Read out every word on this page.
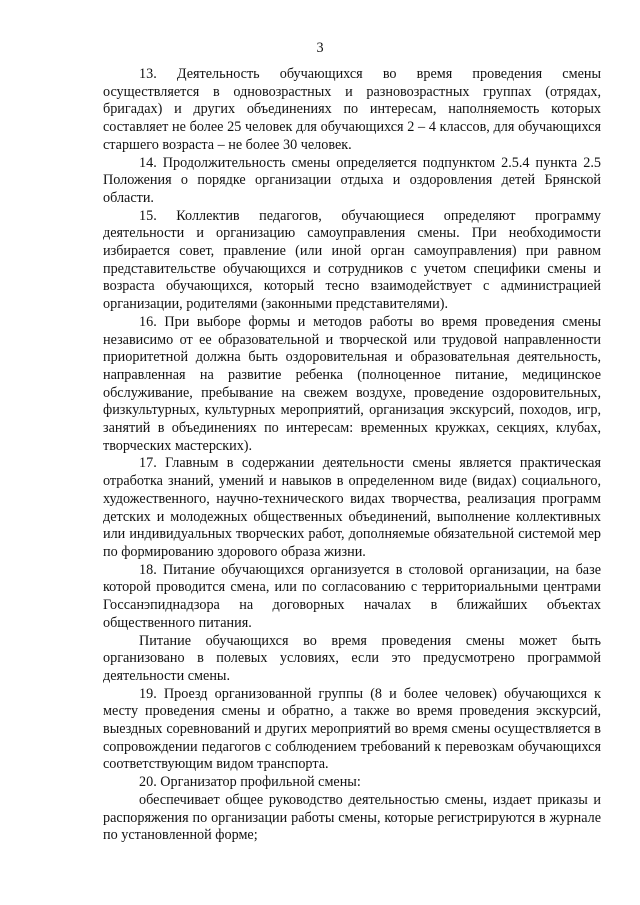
3

13. Деятельность обучающихся во время проведения смены осуществляется в одновозрастных и разновозрастных группах (отрядах, бригадах) и других объединениях по интересам, наполняемость которых составляет не более 25 человек для обучающихся 2 – 4 классов, для обучающихся старшего возраста – не более 30 человек.

14. Продолжительность смены определяется подпунктом 2.5.4 пункта 2.5 Положения о порядке организации отдыха и оздоровления детей Брянской области.

15. Коллектив педагогов, обучающиеся определяют программу деятельности и организацию самоуправления смены. При необходимости избирается совет, правление (или иной орган самоуправления) при равном представительстве обучающихся и сотрудников с учетом специфики смены и возраста обучающихся, который тесно взаимодействует с администрацией организации, родителями (законными представителями).

16. При выборе формы и методов работы во время проведения смены независимо от ее образовательной и творческой или трудовой направленности приоритетной должна быть оздоровительная и образовательная деятельность, направленная на развитие ребенка (полноценное питание, медицинское обслуживание, пребывание на свежем воздухе, проведение оздоровительных, физкультурных, культурных мероприятий, организация экскурсий, походов, игр, занятий в объединениях по интересам: временных кружках, секциях, клубах, творческих мастерских).

17. Главным в содержании деятельности смены является практическая отработка знаний, умений и навыков в определенном виде (видах) социального, художественного, научно-технического видах творчества, реализация программ детских и молодежных общественных объединений, выполнение коллективных или индивидуальных творческих работ, дополняемые обязательной системой мер по формированию здорового образа жизни.

18. Питание обучающихся организуется в столовой организации, на базе которой проводится смена, или по согласованию с территориальными центрами Госсанэпиднадзора на договорных началах в ближайших объектах общественного питания.

Питание обучающихся во время проведения смены может быть организовано в полевых условиях, если это предусмотрено программой деятельности смены.

19. Проезд организованной группы (8 и более человек) обучающихся к месту проведения смены и обратно, а также во время проведения экскурсий, выездных соревнований и других мероприятий во время смены осуществляется в сопровождении педагогов с соблюдением требований к перевозкам обучающихся соответствующим видом транспорта.

20. Организатор профильной смены:

обеспечивает общее руководство деятельностью смены, издает приказы и распоряжения по организации работы смены, которые регистрируются в журнале по установленной форме;
